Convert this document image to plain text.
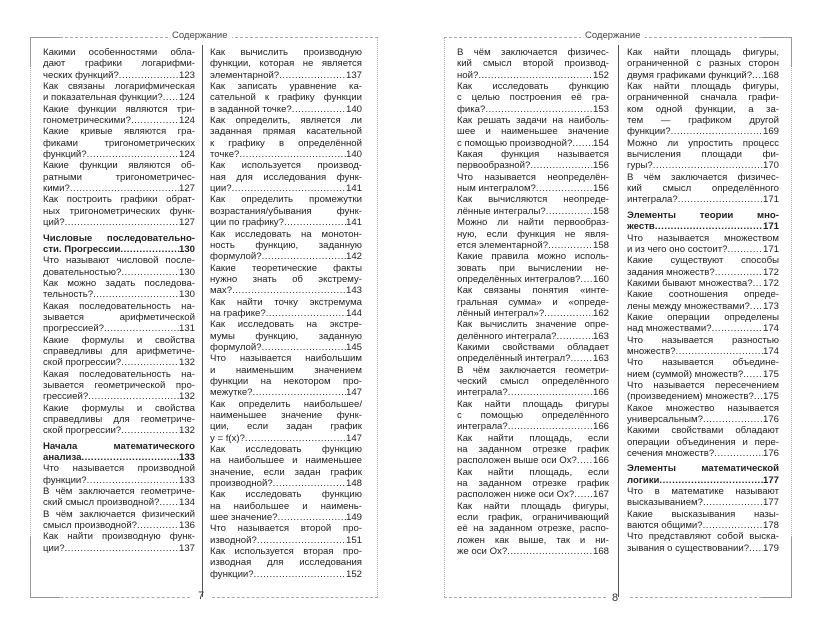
Содержание
Какими особенностями обла-
дают графики логарифми-
ческих функций? .....	123
Как связаны логарифмическая
и показательная функции? ..... 124
Какие функции являются три-
гонометрическими? .....	124
Какие кривые являются гра-
фиками тригонометрических
функций? .....	124
Какие функции являются об-
ратными тригонометричес-
кими? .....	127
Как построить графики обрат-
ных тригонометрических функ-
ций? .....	127
Числовые последовательно-
сти. Прогрессии .....	130
Что называют числовой после-
довательностью? .....	130
Как можно задать последова-
тельность? .....	130
Какая последовательность на-
зывается арифметической
прогрессией? .....	131
Какие формулы и свойства
справедливы для арифметиче-
ской прогрессии? .....	132
Какая последовательность на-
зывается геометрической про-
грессией? .....	132
Какие формулы и свойства
справедливы для геометриче-
ской прогрессии? .....	132
Начала математического
анализа .....	133
Что называется производной
функции? .....	133
В чём заключается геометриче-
ский смысл производной? ..... 134
В чём заключается физический
смысл производной? .....	136
Как найти производную функ-
ции? .....	137
Как вычислить производную
функции, которая не является
элементарной? .....	137
Как записать уравнение ка-
сательной к графику функции
в заданной точке? .....	140
Как определить, является ли
заданная прямая касательной
к графику в определённой
точке? .....	140
Как используется производ-
ная для исследования функ-
ции? .....	141
Как определить промежутки
возрастания/убывания функ-
ции по графику? .....	141
Как исследовать на монотон-
ность функцию, заданную
формулой? .....	142
Какие теоретические факты
нужно знать об экстрему-
мах? .....	143
Как найти точку экстремума
на графике? .....	144
Как исследовать на экстре-
мумы функцию, заданную
формулой? .....	145
Что называется наибольшим
и наименьшим значением
функции на некотором про-
межутке? .....	147
Как определить наибольшее/
наименьшее значение функ-
ции, если задан график
y = f(x)? .....	147
Как исследовать функцию
на наибольшее и наименьшее
значение, если задан график
производной? .....	148
Как исследовать функцию
на наибольшее и наимень-
шее значение? .....	149
Что называется второй про-
изводной? .....	151
Как используется вторая про-
изводная для исследования
функции? .....	152
7
Содержание
В чём заключается физичес-
кий смысл второй производ-
ной? .....	152
Как исследовать функцию
с целью построения её гра-
фика? .....	153
Как решать задачи на наиболь-
шее и наименьшее значение
с помощью производной? ..... 154
Какая функция называется
первообразной? .....	156
Что называется неопределён-
ным интегралом? .....	156
Как вычисляются неопреде-
лённые интегралы? .....	158
Можно ли найти первообраз-
ную, если функция не явля-
ется элементарной? .....	158
Какие правила можно исполь-
зовать при вычислении не-
определённых интегралов? ..... 160
Как связаны понятия «инте-
гральная сумма» и «опреде-
лённый интеграл»? .....	162
Как вычислить значение опре-
делённого интеграла? .....	163
Какими свойствами обладает
определённый интеграл? ..... 163
В чём заключается геометри-
ческий смысл определённого
интеграла? .....	166
Как найти площадь фигуры
с помощью определённого
интеграла? .....	166
Как найти площадь, если
на заданном отрезке график
расположен выше оси Ox? ..... 166
Как найти площадь, если
на заданном отрезке график
расположен ниже оси Ox? ..... 167
Как найти площадь фигуры,
если график, ограничивающий
её на заданном отрезке, распо-
ложен как выше, так и ни-
же оси Ox? .....	168
Как найти площадь фигуры,
ограниченной с разных сторон
двумя графиками функций? ..... 168
Как найти площадь фигуры,
ограниченной сначала графи-
ком одной функции, а за-
тем — графиком другой
функции? .....	169
Можно ли упростить процесс
вычисления площади фи-
гуры? .....	170
В чём заключается физичес-
кий смысл определённого
интеграла? .....	171
Элементы теории мно-
жеств .....	171
Что называется множеством
и из чего оно состоит? .....	171
Какие существуют способы
задания множеств? .....	172
Какими бывают множества? ..... 172
Какие соотношения опреде-
лены между множествами? ..... 173
Какие операции определены
над множествами? .....	174
Что называется разностью
множеств? .....	174
Что называется объедине-
нием (суммой) множеств? ..... 175
Что называется пересечением
(произведением) множеств? ..... 175
Какое множество называется
универсальным? .....	176
Какими свойствами обладают
операции объединения и пере-
сечения множеств? .....	176
Элементы математической
логики .....	177
Что в математике называют
высказыванием? .....	177
Какие высказывания назы-
ваются общими? .....	178
Что представляют собой выска-
зывания о существовании? ..... 179
8
